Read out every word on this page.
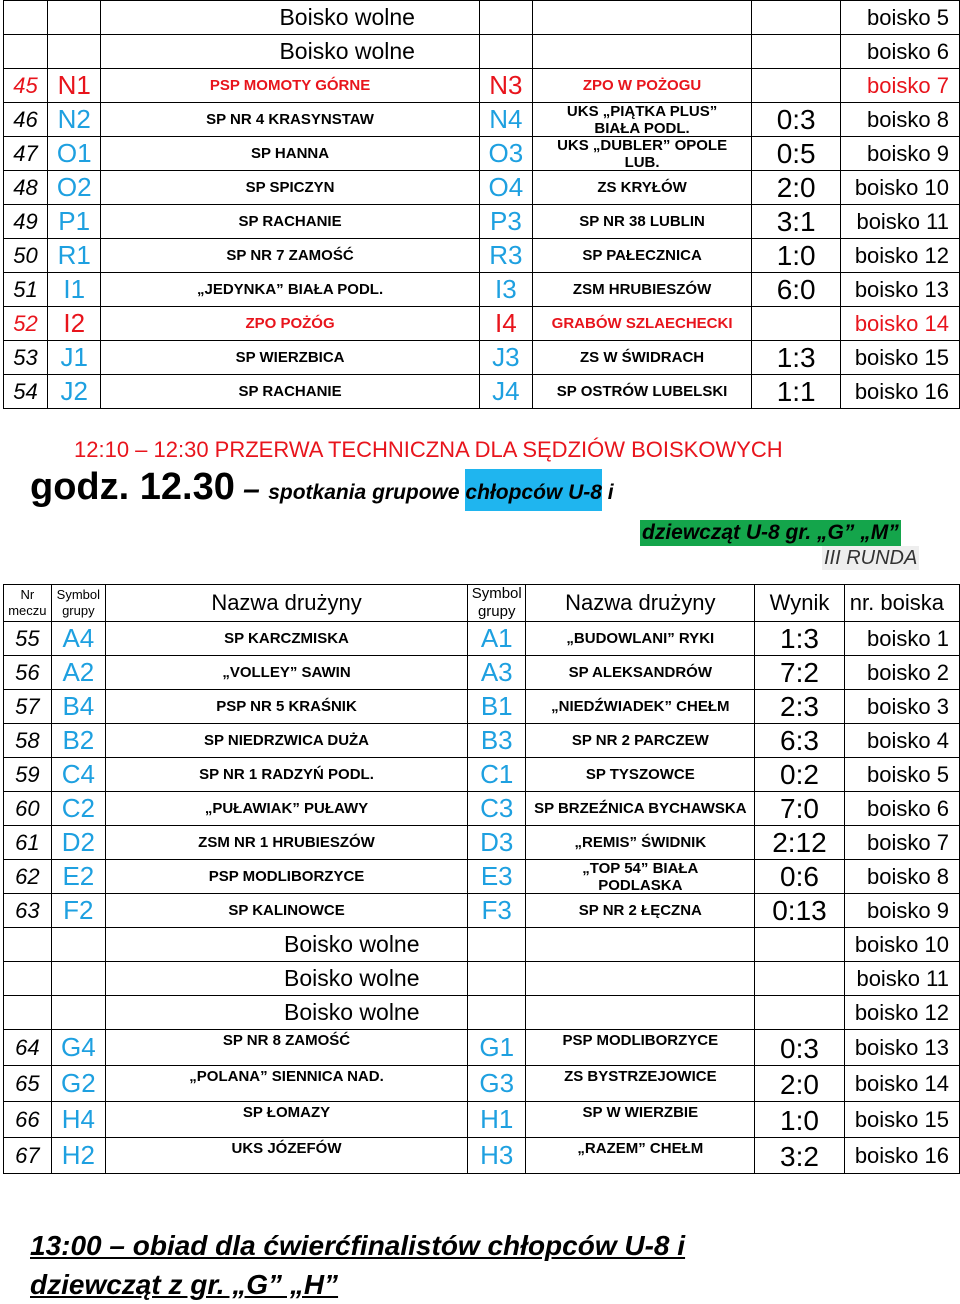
		Boisko wolne				boisko 5
		Boisko wolne				boisko 6
45	N1	PSP MOMOTY GÓRNE	N3	ZPO W POŻOGU		boisko 7
46	N2	SP NR 4 KRASYNSTAW	N4	UKS „PIĄTKA PLUS” BIAŁA PODL.	0:3	boisko 8
47	O1	SP HANNA	O3	UKS „DUBLER” OPOLE LUB.	0:5	boisko 9
48	O2	SP SPICZYN	O4	ZS KRYŁÓW	2:0	boisko 10
49	P1	SP RACHANIE	P3	SP NR 38 LUBLIN	3:1	boisko 11
50	R1	SP NR 7 ZAMOŚĆ	R3	SP PAŁECZNICA	1:0	boisko 12
51	I1	„JEDYNKA” BIAŁA PODL.	I3	ZSM HRUBIESZÓW	6:0	boisko 13
52	I2	ZPO POŻÓG	I4	GRABÓW SZLAECHECKI		boisko 14
53	J1	SP WIERZBICA	J3	ZS W ŚWIDRACH	1:3	boisko 15
54	J2	SP RACHANIE	J4	SP OSTRÓW LUBELSKI	1:1	boisko 16
12:10 – 12:30 PRZERWA TECHNICZNA DLA SĘDZIÓW BOISKOWYCH
godz. 12.30 – spotkania grupowe chłopców U-8 i
dziewcząt U-8 gr. „G” „M”
III RUNDA
Nr meczu	Symbol grupy	Nazwa drużyny	Symbol grupy	Nazwa drużyny	Wynik	nr. boiska
55	A4	SP KARCZMISKA	A1	„BUDOWLANI” RYKI	1:3	boisko 1
56	A2	„VOLLEY” SAWIN	A3	SP ALEKSANDRÓW	7:2	boisko 2
57	B4	PSP NR 5 KRAŚNIK	B1	„NIEDŹWIADEK” CHEŁM	2:3	boisko 3
58	B2	SP NIEDRZWICA DUŻA	B3	SP NR 2 PARCZEW	6:3	boisko 4
59	C4	SP NR 1 RADZYŃ PODL.	C1	SP TYSZOWCE	0:2	boisko 5
60	C2	„PUŁAWIAK” PUŁAWY	C3	SP BRZEŹNICA BYCHAWSKA	7:0	boisko 6
61	D2	ZSM NR 1 HRUBIESZÓW	D3	„REMIS” ŚWIDNIK	2:12	boisko 7
62	E2	PSP MODLIBORZYCE	E3	„TOP 54” BIAŁA PODLASKA	0:6	boisko 8
63	F2	SP KALINOWCE	F3	SP NR 2 ŁĘCZNA	0:13	boisko 9
		Boisko wolne				boisko 10
		Boisko wolne				boisko 11
		Boisko wolne				boisko 12
64	G4	SP NR 8 ZAMOŚĆ	G1	PSP MODLIBORZYCE	0:3	boisko 13
65	G2	„POLANA” SIENNICA NAD.	G3	ZS BYSTRZEJOWICE	2:0	boisko 14
66	H4	SP ŁOMAZY	H1	SP W WIERZBIE	1:0	boisko 15
67	H2	UKS JÓZEFÓW	H3	„RAZEM” CHEŁM	3:2	boisko 16
13:00 – obiad dla ćwierćfinalistów chłopców U-8 i
dziewcząt z gr. „G” „H”
